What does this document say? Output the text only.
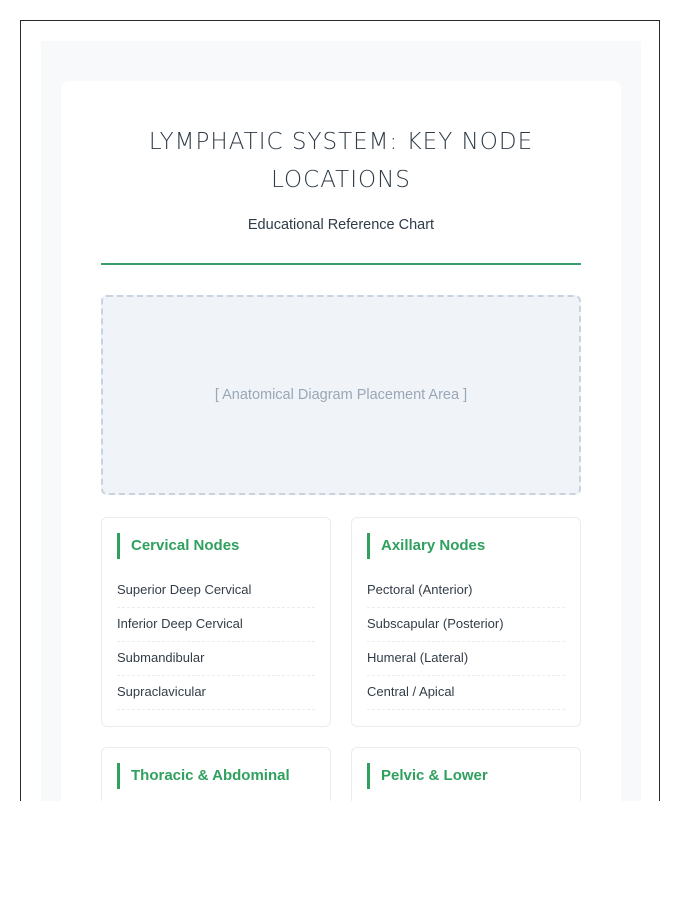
LYMPHATIC SYSTEM: KEY NODE LOCATIONS

Educational Reference Chart

[ Anatomical Diagram Placement Area ]
Cervical Nodes
Superior Deep Cervical
Inferior Deep Cervical
Submandibular
Supraclavicular
Axillary Nodes
Pectoral (Anterior)
Subscapular (Posterior)
Humeral (Lateral)
Central / Apical
Thoracic & Abdominal	Pelvic & Lower
